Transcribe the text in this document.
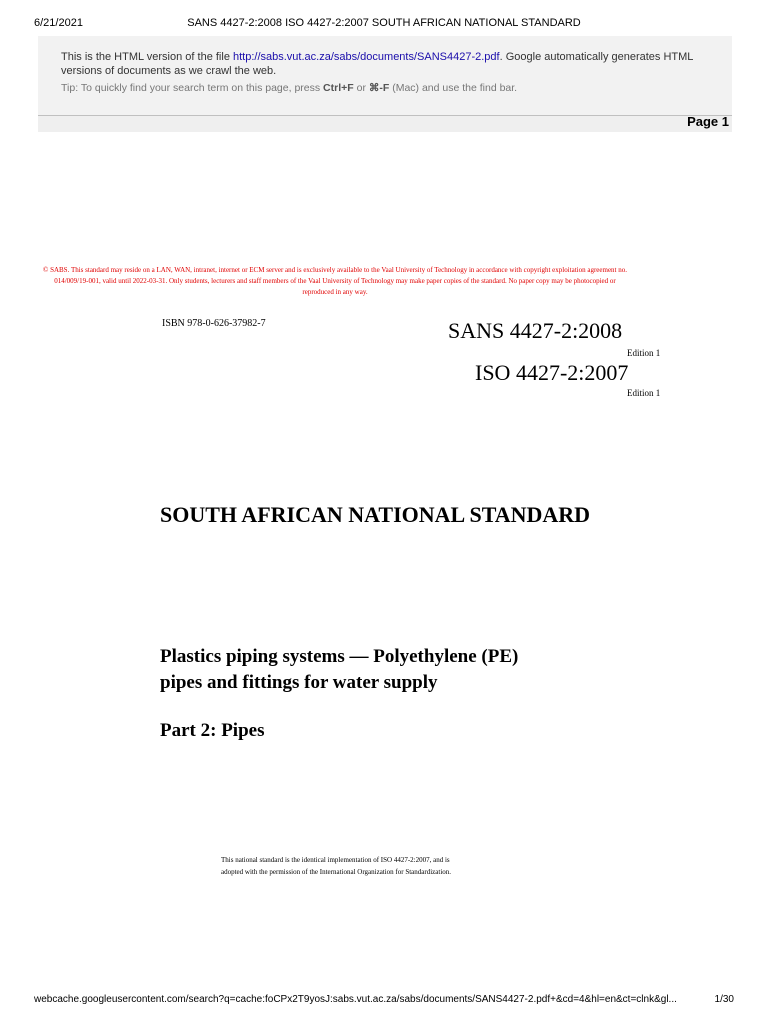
6/21/2021	SANS 4427-2:2008 ISO 4427-2:2007 SOUTH AFRICAN NATIONAL STANDARD
This is the HTML version of the file http://sabs.vut.ac.za/sabs/documents/SANS4427-2.pdf. Google automatically generates HTML versions of documents as we crawl the web.
Tip: To quickly find your search term on this page, press Ctrl+F or ⌘-F (Mac) and use the find bar.
Page 1
© SABS. This standard may reside on a LAN, WAN, intranet, internet or ECM server and is exclusively available to the Vaal University of Technology in accordance with copyright exploitation agreement no. 014/009/19-001, valid until 2022-03-31. Only students, lecturers and staff members of the Vaal University of Technology may make paper copies of the standard. No paper copy may be photocopied or reproduced in any way.
ISBN 978-0-626-37982-7	SANS 4427-2:2008
Edition 1
ISO 4427-2:2007
Edition 1
SOUTH AFRICAN NATIONAL STANDARD
Plastics piping systems — Polyethylene (PE)
pipes and fittings for water supply
Part 2: Pipes
This national standard is the identical implementation of ISO 4427-2:2007, and is
adopted with the permission of the International Organization for Standardization.
webcache.googleusercontent.com/search?q=cache:foCPx2T9yosJ:sabs.vut.ac.za/sabs/documents/SANS4427-2.pdf+&cd=4&hl=en&ct=clnk&gl...	1/30
